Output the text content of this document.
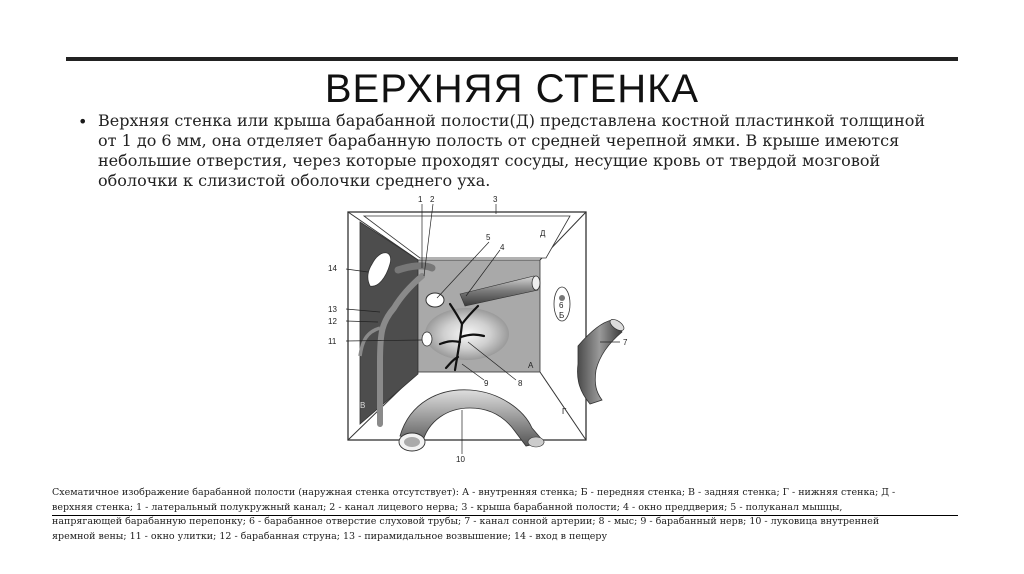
ВЕРХНЯЯ СТЕНКА
• Верхняя стенка или крыша барабанной полости(Д) представлена костной пластинкой толщиной от 1 до 6 мм, она отделяет барабанную полость от средней черепной ямки. В крыше имеются небольшие отверстия, через которые проходят сосуды, несущие кровь от твердой мозговой оболочки к слизистой оболочки среднего уха.
1 2	3
5
4
14
13
12
11	7
9	8
10
Д
А
Б
В
Г
6
Схематичное изображение барабанной полости (наружная стенка отсутствует): А - внутренняя стенка; Б - передняя стенка; В - задняя стенка; Г - нижняя стенка; Д - верхняя стенка; 1 - латеральный полукружный канал; 2 - канал лицевого нерва; 3 - крыша барабанной полости; 4 - окно преддверия; 5 - полуканал мышцы, напрягающей барабанную перепонку; 6 - барабанное отверстие слуховой трубы; 7 - канал сонной артерии; 8 - мыс; 9 - барабанный нерв; 10 - луковица внутренней яремной вены; 11 - окно улитки; 12 - барабанная струна; 13 - пирамидальное возвышение; 14 - вход в пещеру
